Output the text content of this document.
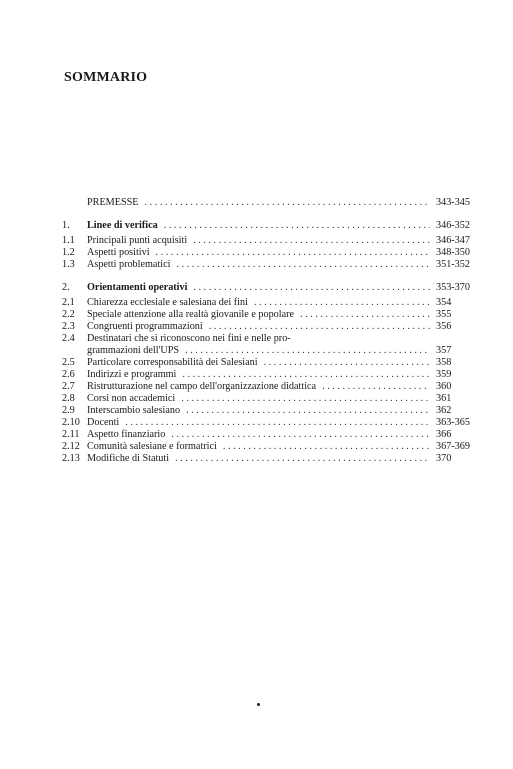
SOMMARIO
PREMESSE . . .	343-345
1.	Linee di verifica . . .	346-352
1.1	Principali punti acquisiti . . .	346-347
1.2	Aspetti positivi . . .	348-350
1.3	Aspetti problematici . . .	351-352
2.	Orientamenti operativi . . .	353-370
2.1	Chiarezza ecclesiale e salesiana dei fini . . .	354
2.2	Speciale attenzione alla realtà giovanile e popolare . . .	355
2.3	Congruenti programmazioni . . .	356
2.4	Destinatari che si riconoscono nei fini e nelle pro-
grammazioni dell'UPS . . .	357
2.5	Particolare corresponsabilità dei Salesiani . . .	358
2.6	Indirizzi e programmi . . .	359
2.7	Ristrutturazione nel campo dell'organizzazione didattica . . .	360
2.8	Corsi non accademici . . .	361
2.9	Interscambio salesiano . . .	362
2.10 Docenti . . .	363-365
2.11 Aspetto finanziario . . .	366
2.12 Comunità salesiane e formatrici . . .	367-369
2.13 Modifiche di Statuti . . .	370
